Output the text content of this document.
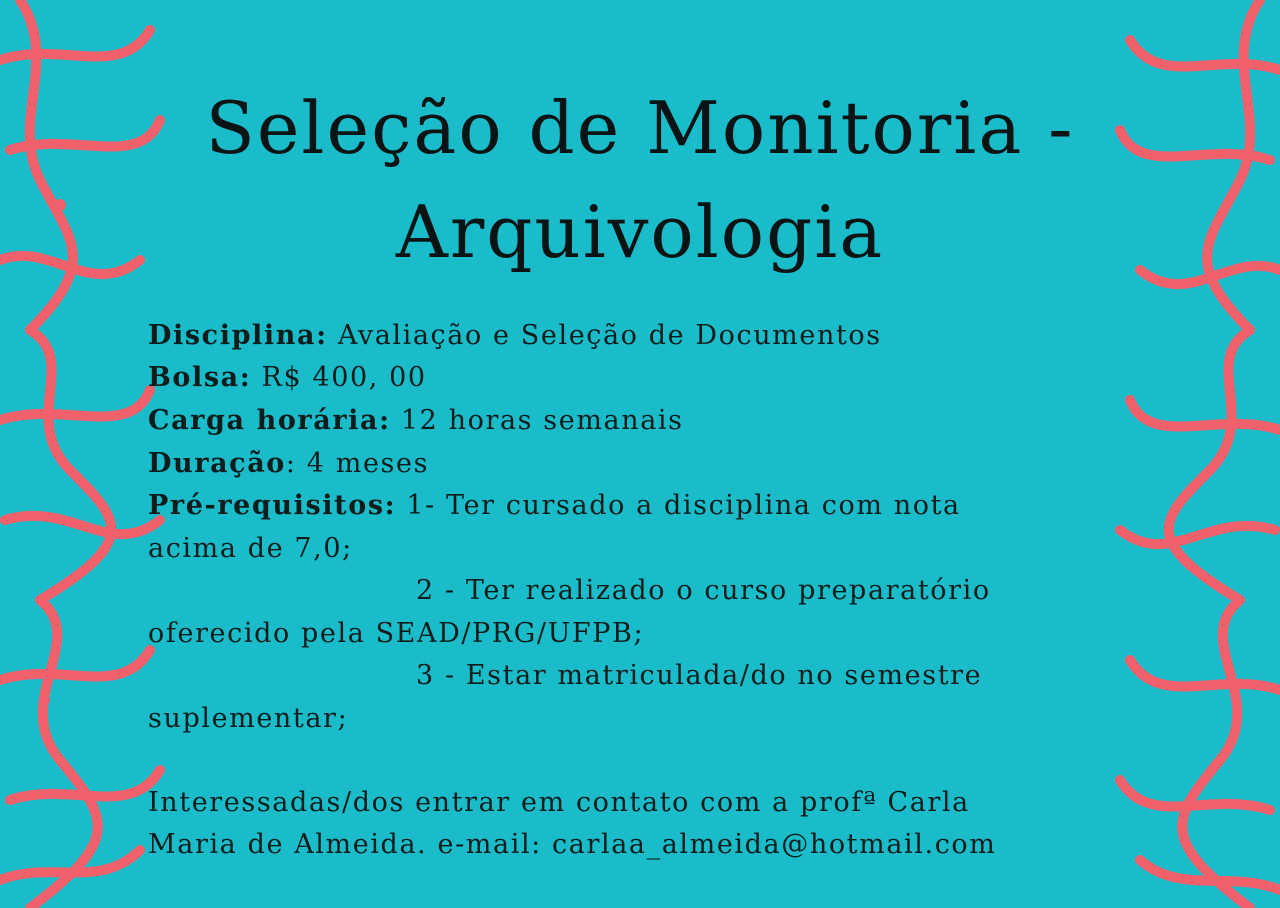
Seleção de Monitoria -
Arquivologia

Disciplina: Avaliação e Seleção de Documentos

Bolsa: R$ 400, 00

Carga horária: 12 horas semanais

Duração: 4 meses

Pré-requisitos: 1- Ter cursado a disciplina com nota

acima de 7,0;

2 - Ter realizado o curso preparatório

oferecido pela SEAD/PRG/UFPB;

3 - Estar matriculada/do no semestre

suplementar;

Interessadas/dos entrar em contato com a profª Carla

Maria de Almeida. e-mail: carlaa_almeida@hotmail.com
